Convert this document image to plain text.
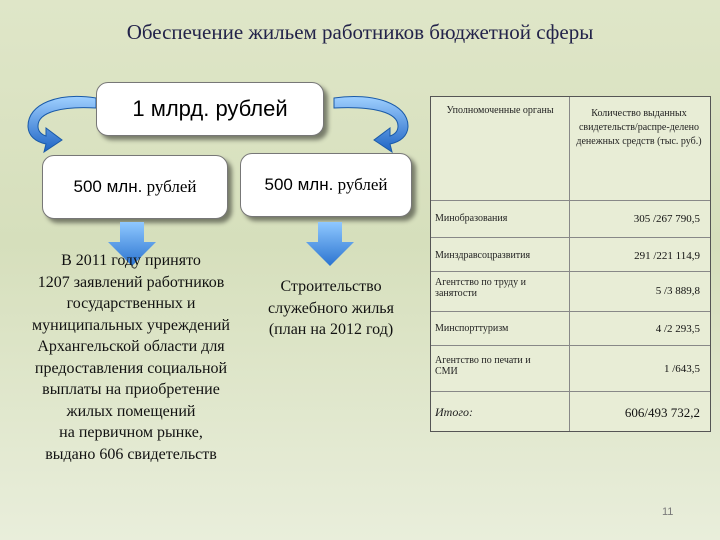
Обеспечение жильем работников бюджетной сферы
1 млрд. рублей
500 млн.
рублей	500 млн.
рублей
В 2011 году принято
1207 заявлений работников
государственных и
муниципальных учреждений
Архангельской области для
предоставления социальной
выплаты на приобретение
жилых помещений
на первичном рынке,
выдано 606 свидетельств
Строительство
служебного жилья
(план на 2012 год)
Уполномоченные органы	Количество выданных свидетельств/распре-делено денежных средств (тыс. руб.)
Минобразования	305 /267 790,5
Минздравсоцразвития	291 /221 114,9
Агентство по труду и занятости	5 /3 889,8
Минспорттуризм	4 /2 293,5
Агентство по печати и СМИ	1 /643,5
Итого:	606/493 732,2
11
